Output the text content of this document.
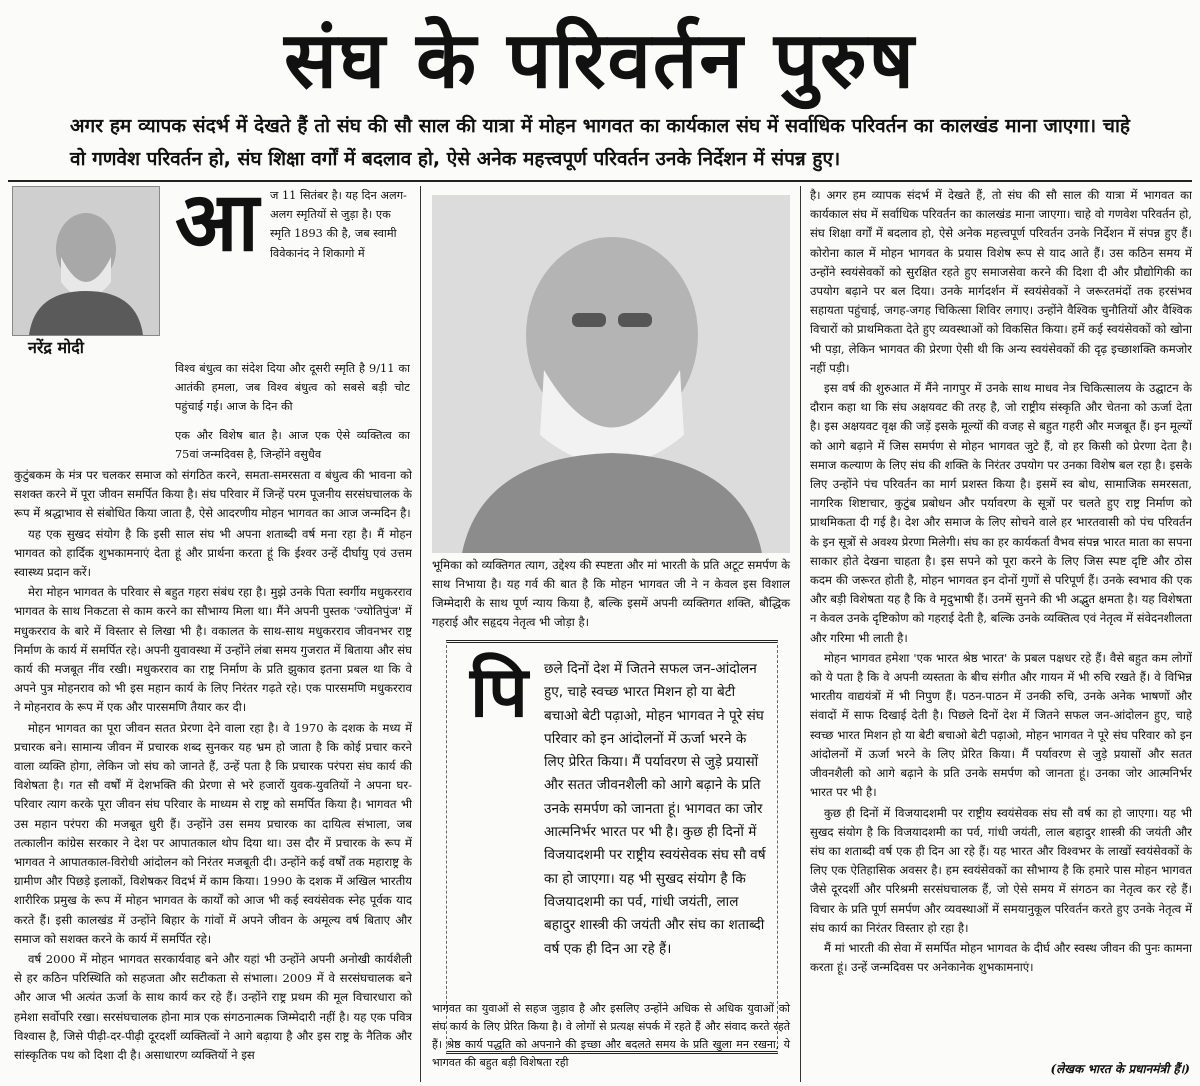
संघ के परिवर्तन पुरुष
अगर हम व्यापक संदर्भ में देखते हैं तो संघ की सौ साल की यात्रा में मोहन भागवत का कार्यकाल संघ में सर्वाधिक परिवर्तन का कालखंड माना जाएगा। चाहे वो गणवेश परिवर्तन हो, संघ शिक्षा वर्गों में बदलाव हो, ऐसे अनेक महत्त्वपूर्ण परिवर्तन उनके निर्देशन में संपन्न हुए।
नरेंद्र मोदी
आ ज 11 सितंबर है। यह दिन अलग-अलग स्मृतियों से जुड़ा है। एक स्मृति 1893 की है, जब स्वामी विवेकानंद ने शिकागो में

विश्व बंधुत्व का संदेश दिया और दूसरी स्मृति है 9/11 का आतंकी हमला, जब विश्व बंधुत्व को सबसे बड़ी चोट पहुंचाई गई। आज के दिन की

एक और विशेष बात है। आज एक ऐसे व्यक्तित्व का 75वां जन्मदिवस है, जिन्होंने वसुधैव

कुटुंबकम के मंत्र पर चलकर समाज को संगठित करने, समता-समरसता व बंधुत्व की भावना को सशक्त करने में पूरा जीवन समर्पित किया है। संघ परिवार में जिन्हें परम पूजनीय सरसंघचालक के रूप में श्रद्धाभाव से संबोधित किया जाता है, ऐसे आदरणीय मोहन भागवत का आज जन्मदिन है।

यह एक सुखद संयोग है कि इसी साल संघ भी अपना शताब्दी वर्ष मना रहा है। मैं मोहन भागवत को हार्दिक शुभकामनाएं देता हूं और प्रार्थना करता हूं कि ईश्वर उन्हें दीर्घायु एवं उत्तम स्वास्थ्य प्रदान करें।

मेरा मोहन भागवत के परिवार से बहुत गहरा संबंध रहा है। मुझे उनके पिता स्वर्गीय मधुकरराव भागवत के साथ निकटता से काम करने का सौभाग्य मिला था। मैंने अपनी पुस्तक 'ज्योतिपुंज' में मधुकरराव के बारे में विस्तार से लिखा भी है। वकालत के साथ-साथ मधुकरराव जीवनभर राष्ट्र निर्माण के कार्य में समर्पित रहे। अपनी युवावस्था में उन्होंने लंबा समय गुजरात में बिताया और संघ कार्य की मजबूत नींव रखी। मधुकरराव का राष्ट्र निर्माण के प्रति झुकाव इतना प्रबल था कि वे अपने पुत्र मोहनराव को भी इस महान कार्य के लिए निरंतर गढ़ते रहे। एक पारसमणि मधुकरराव ने मोहनराव के रूप में एक और पारसमणि तैयार कर दी।

मोहन भागवत का पूरा जीवन सतत प्रेरणा देने वाला रहा है। वे 1970 के दशक के मध्य में प्रचारक बने। सामान्य जीवन में प्रचारक शब्द सुनकर यह भ्रम हो जाता है कि कोई प्रचार करने वाला व्यक्ति होगा, लेकिन जो संघ को जानते हैं, उन्हें पता है कि प्रचारक परंपरा संघ कार्य की विशेषता है। गत सौ वर्षों में देशभक्ति की प्रेरणा से भरे हजारों युवक-युवतियों ने अपना घर-परिवार त्याग करके पूरा जीवन संघ परिवार के माध्यम से राष्ट्र को समर्पित किया है। भागवत भी उस महान परंपरा की मजबूत धुरी हैं। उन्होंने उस समय प्रचारक का दायित्व संभाला, जब तत्कालीन कांग्रेस सरकार ने देश पर आपातकाल थोप दिया था। उस दौर में प्रचारक के रूप में भागवत ने आपातकाल-विरोधी आंदोलन को निरंतर मजबूती दी। उन्होंने कई वर्षों तक महाराष्ट्र के ग्रामीण और पिछड़े इलाकों, विशेषकर विदर्भ में काम किया। 1990 के दशक में अखिल भारतीय शारीरिक प्रमुख के रूप में मोहन भागवत के कार्यों को आज भी कई स्वयंसेवक स्नेह पूर्वक याद करते हैं। इसी कालखंड में उन्होंने बिहार के गांवों में अपने जीवन के अमूल्य वर्ष बिताए और समाज को सशक्त करने के कार्य में समर्पित रहे।

वर्ष 2000 में मोहन भागवत सरकार्यवाह बने और यहां भी उन्होंने अपनी अनोखी कार्यशैली से हर कठिन परिस्थिति को सहजता और सटीकता से संभाला। 2009 में वे सरसंघचालक बने और आज भी अत्यंत ऊर्जा के साथ कार्य कर रहे हैं। उन्होंने राष्ट्र प्रथम की मूल विचारधारा को हमेशा सर्वोपरि रखा। सरसंघचालक होना मात्र एक संगठनात्मक जिम्मेदारी नहीं है। यह एक पवित्र विश्वास है, जिसे पीढ़ी-दर-पीढ़ी दूरदर्शी व्यक्तित्वों ने आगे बढ़ाया है और इस राष्ट्र के नैतिक और सांस्कृतिक पथ को दिशा दी है। असाधारण व्यक्तियों ने इस

भूमिका को व्यक्तिगत त्याग, उद्देश्य की स्पष्टता और मां भारती के प्रति अटूट समर्पण के साथ निभाया है। यह गर्व की बात है कि मोहन भागवत जी ने न केवल इस विशाल जिम्मेदारी के साथ पूर्ण न्याय किया है, बल्कि इसमें अपनी व्यक्तिगत शक्ति, बौद्धिक गहराई और सहृदय नेतृत्व भी जोड़ा है।
पि	छले दिनों देश में जितने सफल जन-आंदोलन हुए, चाहे स्वच्छ भारत मिशन हो या बेटी बचाओ बेटी पढ़ाओ, मोहन भागवत ने पूरे संघ परिवार को इन आंदोलनों में ऊर्जा भरने के लिए प्रेरित किया। मैं पर्यावरण से जुड़े प्रयासों और सतत जीवनशैली को आगे बढ़ाने के प्रति उनके समर्पण को जानता हूं। भागवत का जोर आत्मनिर्भर भारत पर भी है। कुछ ही दिनों में विजयादशमी पर राष्ट्रीय स्वयंसेवक संघ सौ वर्ष का हो जाएगा। यह भी सुखद संयोग है कि विजयादशमी का पर्व, गांधी जयंती, लाल बहादुर शास्त्री की जयंती और संघ का शताब्दी वर्ष एक ही दिन आ रहे हैं।
भागवत का युवाओं से सहज जुड़ाव है और इसलिए उन्होंने अधिक से अधिक युवाओं को संघ कार्य के लिए प्रेरित किया है। वे लोगों से प्रत्यक्ष संपर्क में रहते हैं और संवाद करते रहते हैं। श्रेष्ठ कार्य पद्धति को अपनाने की इच्छा और बदलते समय के प्रति खुला मन रखना, ये भागवत की बहुत बड़ी विशेषता रही

है। अगर हम व्यापक संदर्भ में देखते हैं, तो संघ की सौ साल की यात्रा में भागवत का कार्यकाल संघ में सर्वाधिक परिवर्तन का कालखंड माना जाएगा। चाहे वो गणवेश परिवर्तन हो, संघ शिक्षा वर्गों में बदलाव हो, ऐसे अनेक महत्त्वपूर्ण परिवर्तन उनके निर्देशन में संपन्न हुए हैं। कोरोना काल में मोहन भागवत के प्रयास विशेष रूप से याद आते हैं। उस कठिन समय में उन्होंने स्वयंसेवकों को सुरक्षित रहते हुए समाजसेवा करने की दिशा दी और प्रौद्योगिकी का उपयोग बढ़ाने पर बल दिया। उनके मार्गदर्शन में स्वयंसेवकों ने जरूरतमंदों तक हरसंभव सहायता पहुंचाई, जगह-जगह चिकित्सा शिविर लगाए। उन्होंने वैश्विक चुनौतियों और वैश्विक विचारों को प्राथमिकता देते हुए व्यवस्थाओं को विकसित किया। हमें कई स्वयंसेवकों को खोना भी पड़ा, लेकिन भागवत की प्रेरणा ऐसी थी कि अन्य स्वयंसेवकों की दृढ़ इच्छाशक्ति कमजोर नहीं पड़ी।

इस वर्ष की शुरुआत में मैंने नागपुर में उनके साथ माधव नेत्र चिकित्सालय के उद्घाटन के दौरान कहा था कि संघ अक्षयवट की तरह है, जो राष्ट्रीय संस्कृति और चेतना को ऊर्जा देता है। इस अक्षयवट वृक्ष की जड़ें इसके मूल्यों की वजह से बहुत गहरी और मजबूत हैं। इन मूल्यों को आगे बढ़ाने में जिस समर्पण से मोहन भागवत जुटे हैं, वो हर किसी को प्रेरणा देता है। समाज कल्याण के लिए संघ की शक्ति के निरंतर उपयोग पर उनका विशेष बल रहा है। इसके लिए उन्होंने पंच परिवर्तन का मार्ग प्रशस्त किया है। इसमें स्व बोध, सामाजिक समरसता, नागरिक शिष्टाचार, कुटुंब प्रबोधन और पर्यावरण के सूत्रों पर चलते हुए राष्ट्र निर्माण को प्राथमिकता दी गई है। देश और समाज के लिए सोचने वाले हर भारतवासी को पंच परिवर्तन के इन सूत्रों से अवश्य प्रेरणा मिलेगी। संघ का हर कार्यकर्ता वैभव संपन्न भारत माता का सपना साकार होते देखना चाहता है। इस सपने को पूरा करने के लिए जिस स्पष्ट दृष्टि और ठोस कदम की जरूरत होती है, मोहन भागवत इन दोनों गुणों से परिपूर्ण हैं। उनके स्वभाव की एक और बड़ी विशेषता यह है कि वे मृदुभाषी हैं। उनमें सुनने की भी अद्भुत क्षमता है। यह विशेषता न केवल उनके दृष्टिकोण को गहराई देती है, बल्कि उनके व्यक्तित्व एवं नेतृत्व में संवेदनशीलता और गरिमा भी लाती है।

मोहन भागवत हमेशा 'एक भारत श्रेष्ठ भारत' के प्रबल पक्षधर रहे हैं। वैसे बहुत कम लोगों को ये पता है कि वे अपनी व्यस्तता के बीच संगीत और गायन में भी रुचि रखते हैं। वे विभिन्न भारतीय वाद्ययंत्रों में भी निपुण हैं। पठन-पाठन में उनकी रुचि, उनके अनेक भाषणों और संवादों में साफ दिखाई देती है। पिछले दिनों देश में जितने सफल जन-आंदोलन हुए, चाहे स्वच्छ भारत मिशन हो या बेटी बचाओ बेटी पढ़ाओ, मोहन भागवत ने पूरे संघ परिवार को इन आंदोलनों में ऊर्जा भरने के लिए प्रेरित किया। मैं पर्यावरण से जुड़े प्रयासों और सतत जीवनशैली को आगे बढ़ाने के प्रति उनके समर्पण को जानता हूं। उनका जोर आत्मनिर्भर भारत पर भी है।

कुछ ही दिनों में विजयादशमी पर राष्ट्रीय स्वयंसेवक संघ सौ वर्ष का हो जाएगा। यह भी सुखद संयोग है कि विजयादशमी का पर्व, गांधी जयंती, लाल बहादुर शास्त्री की जयंती और संघ का शताब्दी वर्ष एक ही दिन आ रहे हैं। यह भारत और विश्वभर के लाखों स्वयंसेवकों के लिए एक ऐतिहासिक अवसर है। हम स्वयंसेवकों का सौभाग्य है कि हमारे पास मोहन भागवत जैसे दूरदर्शी और परिश्रमी सरसंघचालक हैं, जो ऐसे समय में संगठन का नेतृत्व कर रहे हैं। विचार के प्रति पूर्ण समर्पण और व्यवस्थाओं में समयानुकूल परिवर्तन करते हुए उनके नेतृत्व में संघ कार्य का निरंतर विस्तार हो रहा है।

मैं मां भारती की सेवा में समर्पित मोहन भागवत के दीर्घ और स्वस्थ जीवन की पुनः कामना करता हूं। उन्हें जन्मदिवस पर अनेकानेक शुभकामनाएं।

(लेखक भारत के प्रधानमंत्री हैं।)
